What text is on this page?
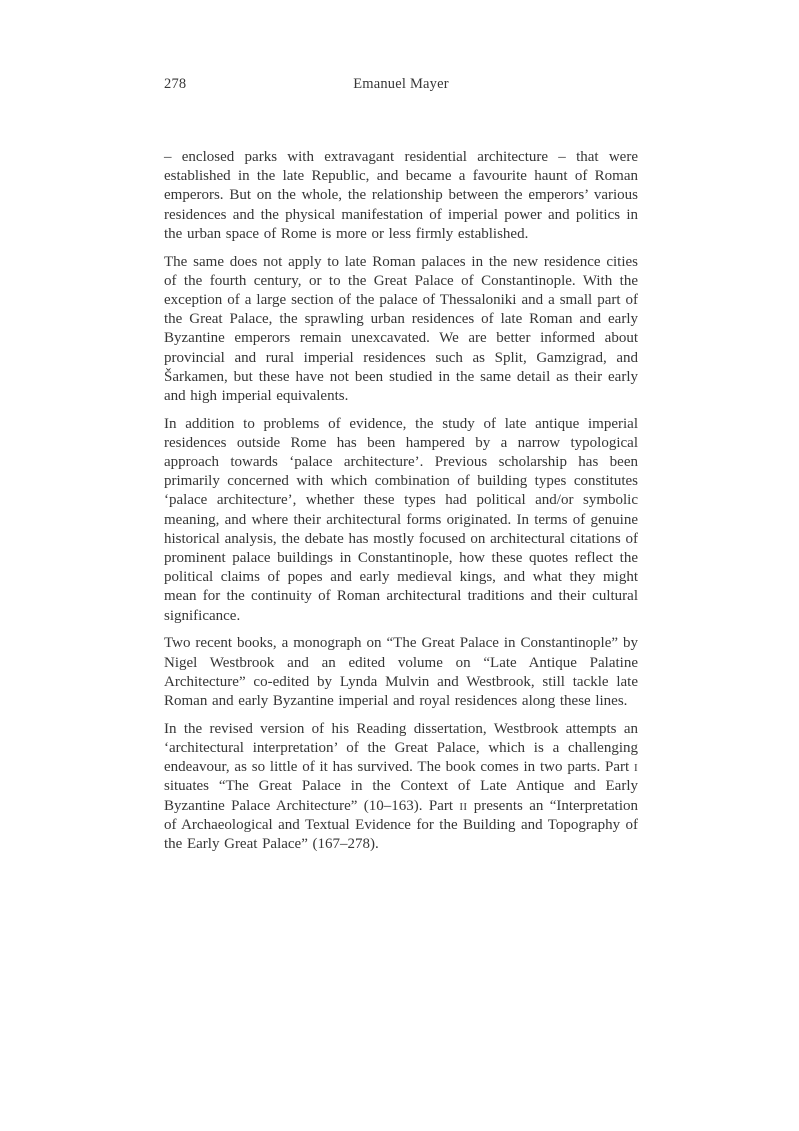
278	Emanuel Mayer

– enclosed parks with extravagant residential architecture – that were established in the late Republic, and became a favourite haunt of Roman emperors. But on the whole, the relationship between the emperors’ various residences and the physical manifestation of imperial power and politics in the urban space of Rome is more or less firmly established.

The same does not apply to late Roman palaces in the new residence cities of the fourth century, or to the Great Palace of Constantinople. With the exception of a large section of the palace of Thessaloniki and a small part of the Great Palace, the sprawling urban residences of late Roman and early Byzantine emperors remain unexcavated. We are better informed about provincial and rural imperial residences such as Split, Gamzigrad, and Šarkamen, but these have not been studied in the same detail as their early and high imperial equivalents.

In addition to problems of evidence, the study of late antique imperial residences outside Rome has been hampered by a narrow typological approach towards ‘palace architecture’. Previous scholarship has been primarily concerned with which combination of building types constitutes ‘palace architecture’, whether these types had political and/or symbolic meaning, and where their architectural forms originated. In terms of genuine historical analysis, the debate has mostly focused on architectural citations of prominent palace buildings in Constantinople, how these quotes reflect the political claims of popes and early medieval kings, and what they might mean for the continuity of Roman architectural traditions and their cultural significance.

Two recent books, a monograph on “The Great Palace in Constantinople” by Nigel Westbrook and an edited volume on “Late Antique Palatine Architecture” co-edited by Lynda Mulvin and Westbrook, still tackle late Roman and early Byzantine imperial and royal residences along these lines.

In the revised version of his Reading dissertation, Westbrook attempts an ‘architectural interpretation’ of the Great Palace, which is a challenging endeavour, as so little of it has survived. The book comes in two parts. Part i situates “The Great Palace in the Context of Late Antique and Early Byzantine Palace Architecture” (10–163). Part ii presents an “Interpretation of Archaeological and Textual Evidence for the Building and Topography of the Early Great Palace” (167–278).
